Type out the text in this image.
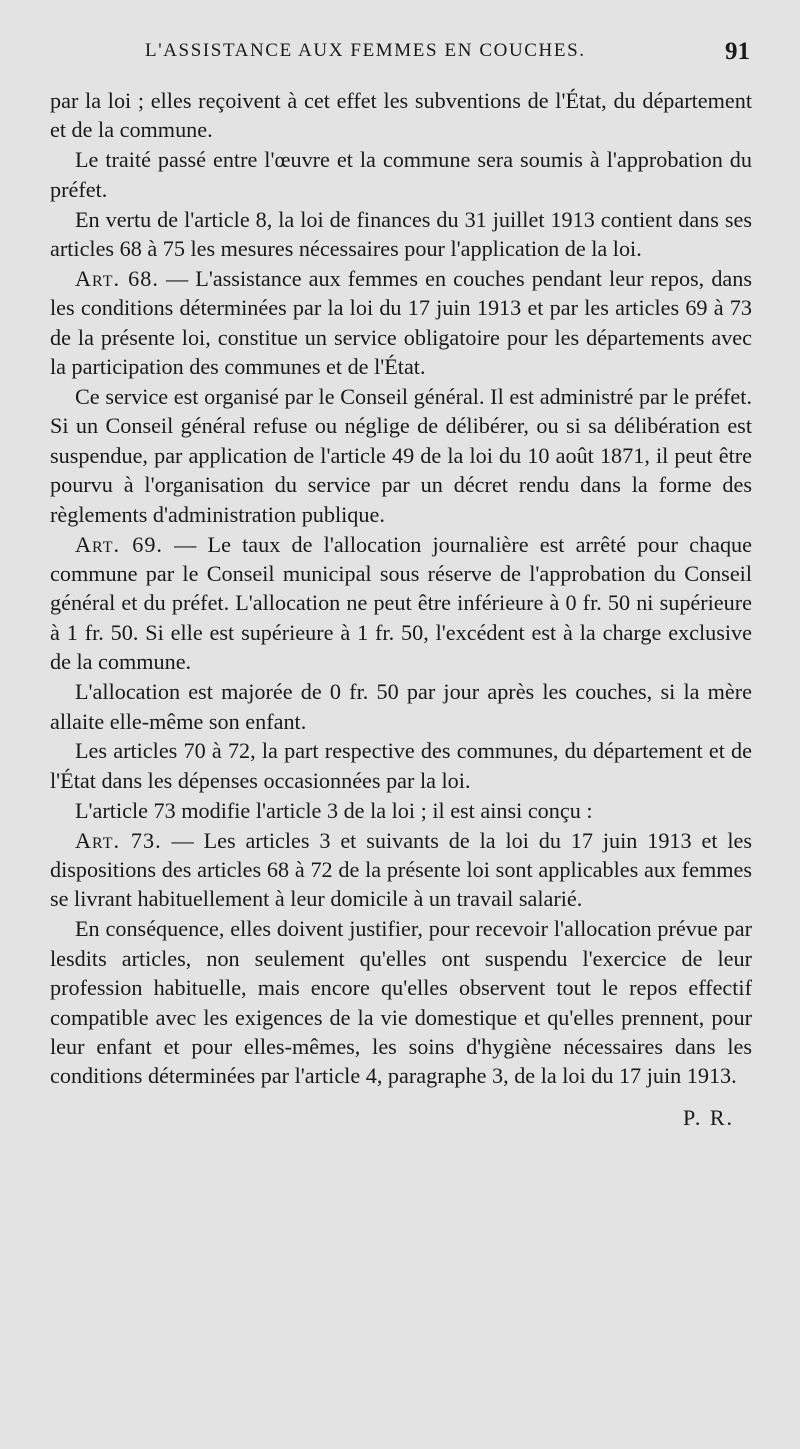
L'ASSISTANCE AUX FEMMES EN COUCHES.	91

par la loi ; elles reçoivent à cet effet les subventions de l'État, du département et de la commune.

Le traité passé entre l'œuvre et la commune sera soumis à l'approbation du préfet.

En vertu de l'article 8, la loi de finances du 31 juillet 1913 contient dans ses articles 68 à 75 les mesures nécessaires pour l'application de la loi.

Art. 68. — L'assistance aux femmes en couches pendant leur repos, dans les conditions déterminées par la loi du 17 juin 1913 et par les articles 69 à 73 de la présente loi, constitue un service obligatoire pour les départements avec la participation des communes et de l'État.

Ce service est organisé par le Conseil général. Il est administré par le préfet. Si un Conseil général refuse ou néglige de délibérer, ou si sa délibération est suspendue, par application de l'article 49 de la loi du 10 août 1871, il peut être pourvu à l'organisation du service par un décret rendu dans la forme des règlements d'administration publique.

Art. 69. — Le taux de l'allocation journalière est arrêté pour chaque commune par le Conseil municipal sous réserve de l'approbation du Conseil général et du préfet. L'allocation ne peut être inférieure à 0 fr. 50 ni supérieure à 1 fr. 50. Si elle est supérieure à 1 fr. 50, l'excédent est à la charge exclusive de la commune.

L'allocation est majorée de 0 fr. 50 par jour après les couches, si la mère allaite elle-même son enfant.

Les articles 70 à 72, la part respective des communes, du département et de l'État dans les dépenses occasionnées par la loi.

L'article 73 modifie l'article 3 de la loi ; il est ainsi conçu :

Art. 73. — Les articles 3 et suivants de la loi du 17 juin 1913 et les dispositions des articles 68 à 72 de la présente loi sont applicables aux femmes se livrant habituellement à leur domicile à un travail salarié.

En conséquence, elles doivent justifier, pour recevoir l'allocation prévue par lesdits articles, non seulement qu'elles ont suspendu l'exercice de leur profession habituelle, mais encore qu'elles observent tout le repos effectif compatible avec les exigences de la vie domestique et qu'elles prennent, pour leur enfant et pour elles-mêmes, les soins d'hygiène nécessaires dans les conditions déterminées par l'article 4, paragraphe 3, de la loi du 17 juin 1913.

P. R.
